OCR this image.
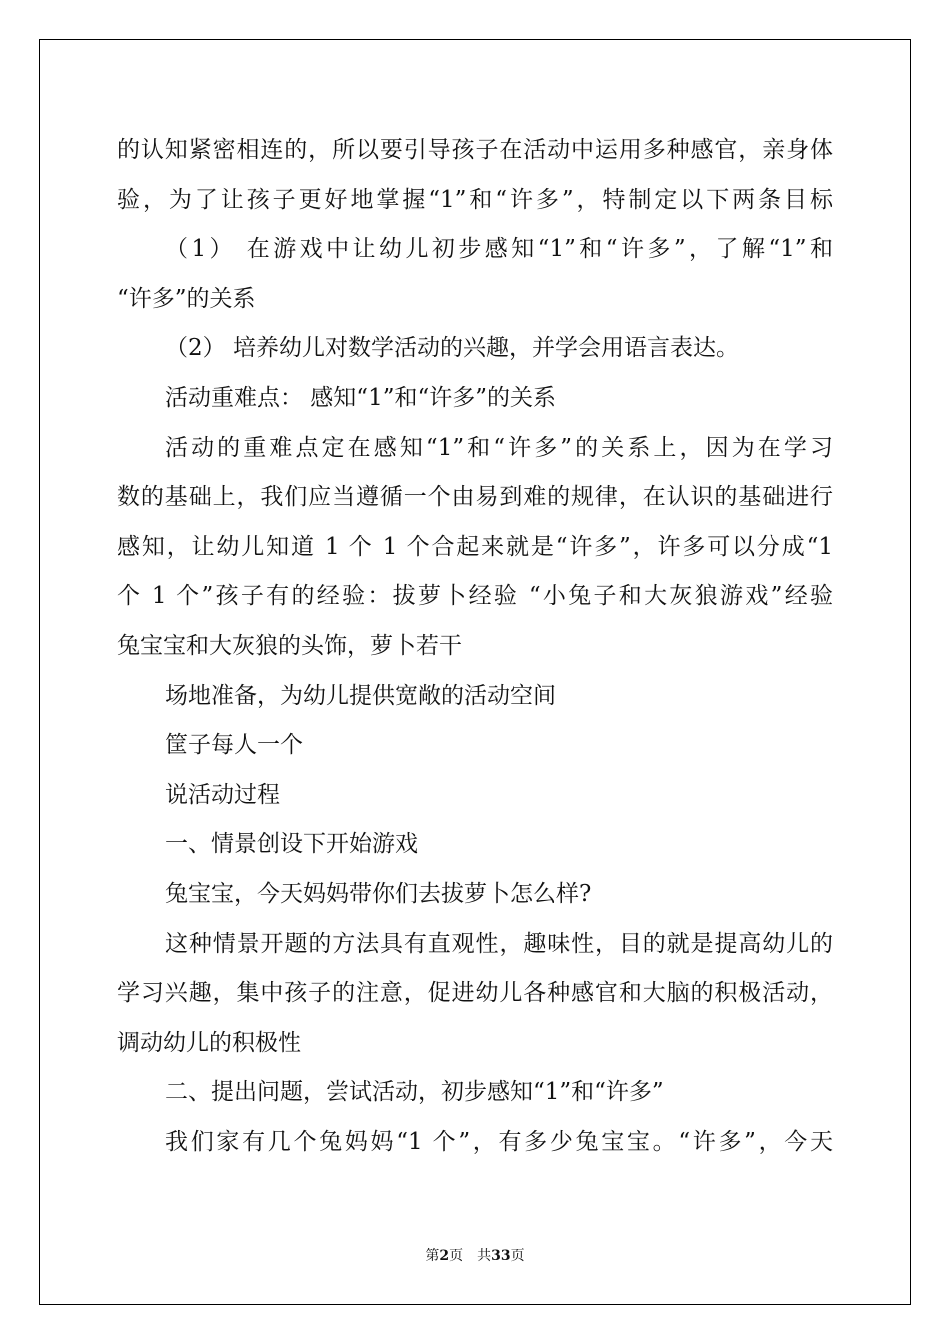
的认知紧密相连的，所以要引导孩子在活动中运用多种感官，亲身体
验，为了让孩子更好地掌握“1”和“许多”，特制定以下两条目标
（1） 在游戏中让幼儿初步感知“1”和“许多”，了解“1”和
“许多”的关系
（2） 培养幼儿对数学活动的兴趣，并学会用语言表达。
活动重难点： 感知“1”和“许多”的关系
活动的重难点定在感知“1”和“许多”的关系上，因为在学习
数的基础上，我们应当遵循一个由易到难的规律，在认识的基础进行
感知，让幼儿知道 1 个 1 个合起来就是“许多”，许多可以分成“1
个 1 个”孩子有的经验：拔萝卜经验 “小兔子和大灰狼游戏”经验
兔宝宝和大灰狼的头饰，萝卜若干
场地准备，为幼儿提供宽敞的活动空间
筐子每人一个
说活动过程
一、情景创设下开始游戏
兔宝宝，今天妈妈带你们去拔萝卜怎么样?
这种情景开题的方法具有直观性，趣味性，目的就是提高幼儿的
学习兴趣，集中孩子的注意，促进幼儿各种感官和大脑的积极活动，
调动幼儿的积极性
二、提出问题，尝试活动，初步感知“1”和“许多”
我们家有几个兔妈妈“1 个”，有多少兔宝宝。“许多”，今天
第2页 共33页
